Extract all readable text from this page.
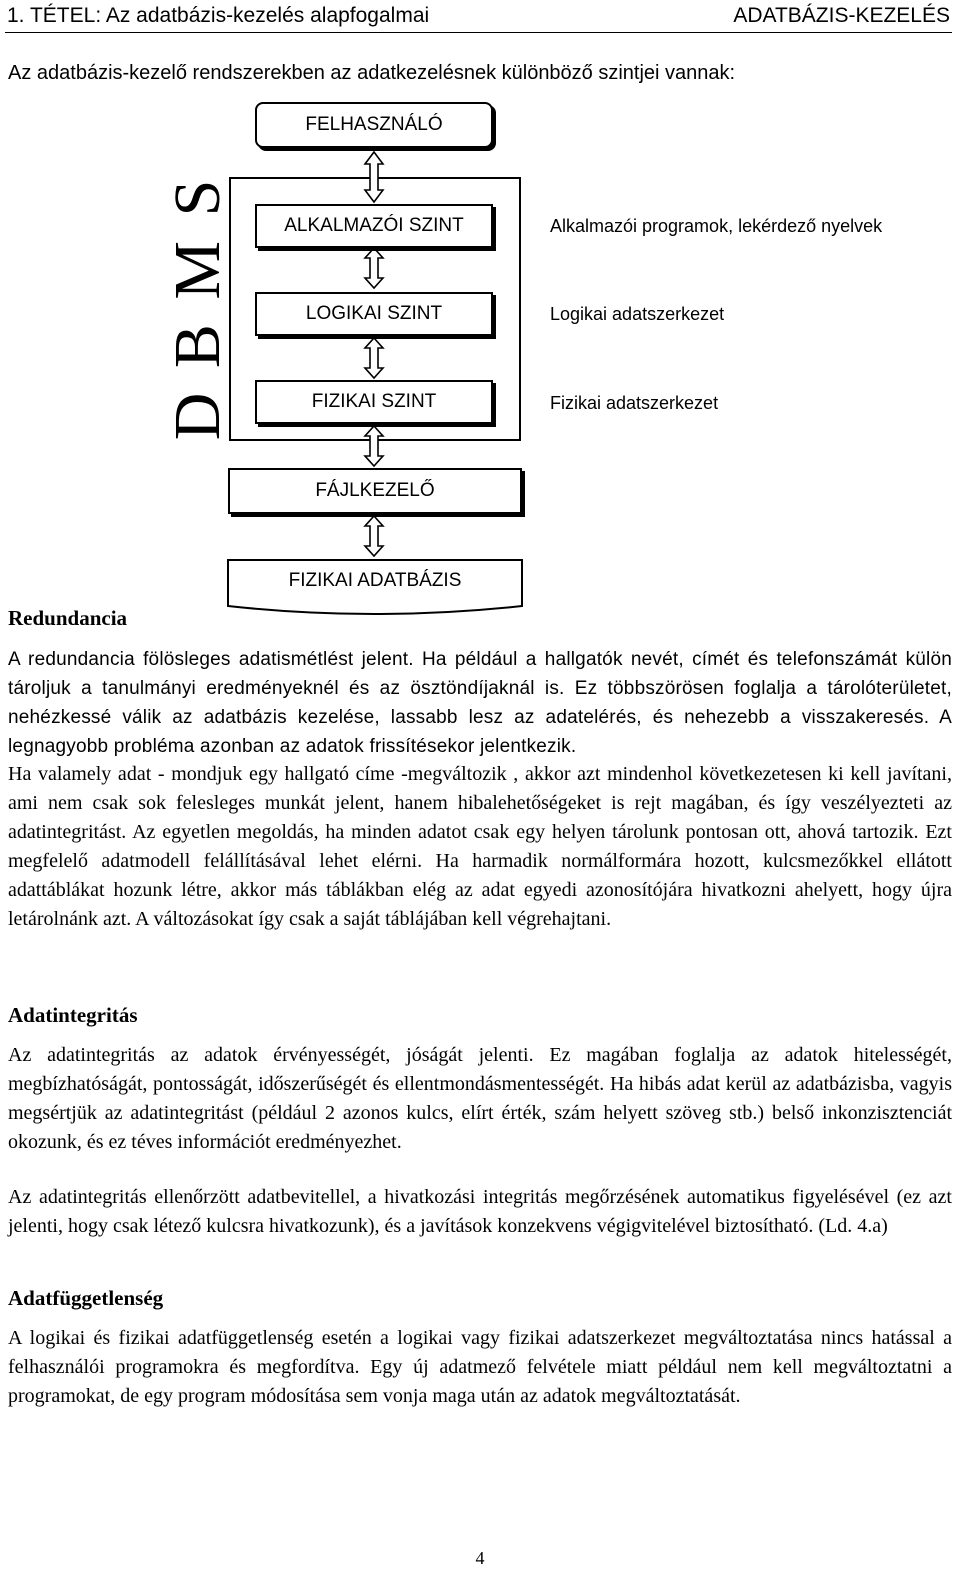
1. TÉTEL: Az adatbázis-kezelés alapfogalmai	ADATBÁZIS-KEZELÉS
Az adatbázis-kezelő rendszerekben az adatkezelésnek különböző szintjei vannak:
FELHASZNÁLÓ
D B M S	ALKALMAZÓI SZINT	Alkalmazói programok, lekérdező nyelvek
LOGIKAI SZINT	Logikai adatszerkezet
FIZIKAI SZINT	Fizikai adatszerkezet
FÁJLKEZELŐ
FIZIKAI ADATBÁZIS
Redundancia

A redundancia fölösleges adatismétlést jelent. Ha például a hallgatók nevét, címét és telefonszámát külön tároljuk a tanulmányi eredményeknél és az ösztöndíjaknál is. Ez többszörösen foglalja a tárolóterületet, nehézkessé válik az adatbázis kezelése, lassabb lesz az adatelérés, és nehezebb a visszakeresés. A legnagyobb probléma azonban az adatok frissítésekor jelentkezik.

Ha valamely adat - mondjuk egy hallgató címe -megváltozik , akkor azt mindenhol következetesen ki kell javítani, ami nem csak sok felesleges munkát jelent, hanem hibalehetőségeket is rejt magában, és így veszélyezteti az adatintegritást. Az egyetlen megoldás, ha minden adatot csak egy helyen tárolunk pontosan ott, ahová tartozik. Ezt megfelelő adatmodell felállításával lehet elérni. Ha harmadik normálformára hozott, kulcsmezőkkel ellátott adattáblákat hozunk létre, akkor más táblákban elég az adat egyedi azonosítójára hivatkozni ahelyett, hogy újra letárolnánk azt. A változásokat így csak a saját táblájában kell végrehajtani.

Adatintegritás

Az adatintegritás az adatok érvényességét, jóságát jelenti. Ez magában foglalja az adatok hitelességét, megbízhatóságát, pontosságát, időszerűségét és ellentmondásmentességét. Ha hibás adat kerül az adatbázisba, vagyis megsértjük az adatintegritást (például 2 azonos kulcs, elírt érték, szám helyett szöveg stb.) belső inkonzisztenciát okozunk, és ez téves információt eredményezhet.

Az adatintegritás ellenőrzött adatbevitellel, a hivatkozási integritás megőrzésének automatikus figyelésével (ez azt jelenti, hogy csak létező kulcsra hivatkozunk), és a javítások konzekvens végigvitelével biztosítható. (Ld. 4.a)

Adatfüggetlenség

A logikai és fizikai adatfüggetlenség esetén a logikai vagy fizikai adatszerkezet megváltoztatása nincs hatással a felhasználói programokra és megfordítva. Egy új adatmező felvétele miatt például nem kell megváltoztatni a programokat, de egy program módosítása sem vonja maga után az adatok megváltoztatását.

4
